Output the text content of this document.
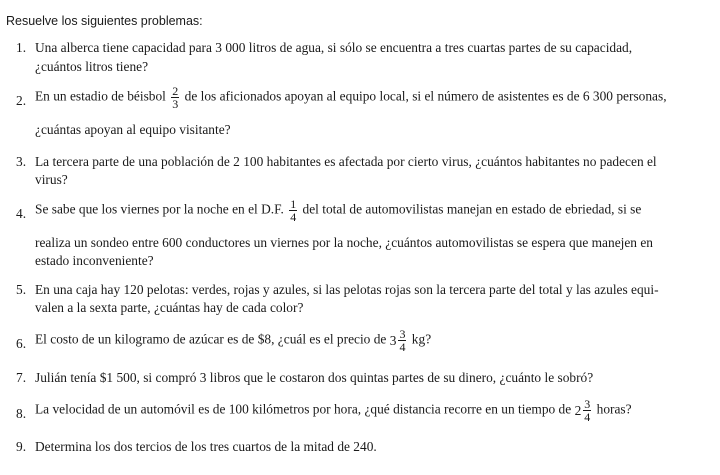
Resuelve los siguientes problemas:
1. Una alberca tiene capacidad para 3 000 litros de agua, si sólo se encuentra a tres cuartas partes de su capacidad,
¿cuántos litros tiene?
2. En un estadio de béisbol $\frac{2}{3}$ de los aficionados apoyan al equipo local, si el número de asistentes es de 6 300 personas,
¿cuántas apoyan al equipo visitante?
3. La tercera parte de una población de 2 100 habitantes es afectada por cierto virus, ¿cuántos habitantes no padecen el
virus?
4. Se sabe que los viernes por la noche en el D.F. $\frac{1}{4}$ del total de automovilistas manejan en estado de ebriedad, si se
realiza un sondeo entre 600 conductores un viernes por la noche, ¿cuántos automovilistas se espera que manejen en
estado inconveniente?
5. En una caja hay 120 pelotas: verdes, rojas y azules, si las pelotas rojas son la tercera parte del total y las azules equi-
valen a la sexta parte, ¿cuántas hay de cada color?
6. El costo de un kilogramo de azúcar es de $8, ¿cuál es el precio de $3 \frac{3}{4}$ kg?
7. Julián tenía $1 500, si compró 3 libros que le costaron dos quintas partes de su dinero, ¿cuánto le sobró?
8. La velocidad de un automóvil es de 100 kilómetros por hora, ¿qué distancia recorre en un tiempo de $2 \frac{3}{4}$ horas?
9. Determina los dos tercios de los tres cuartos de la mitad de 240.
